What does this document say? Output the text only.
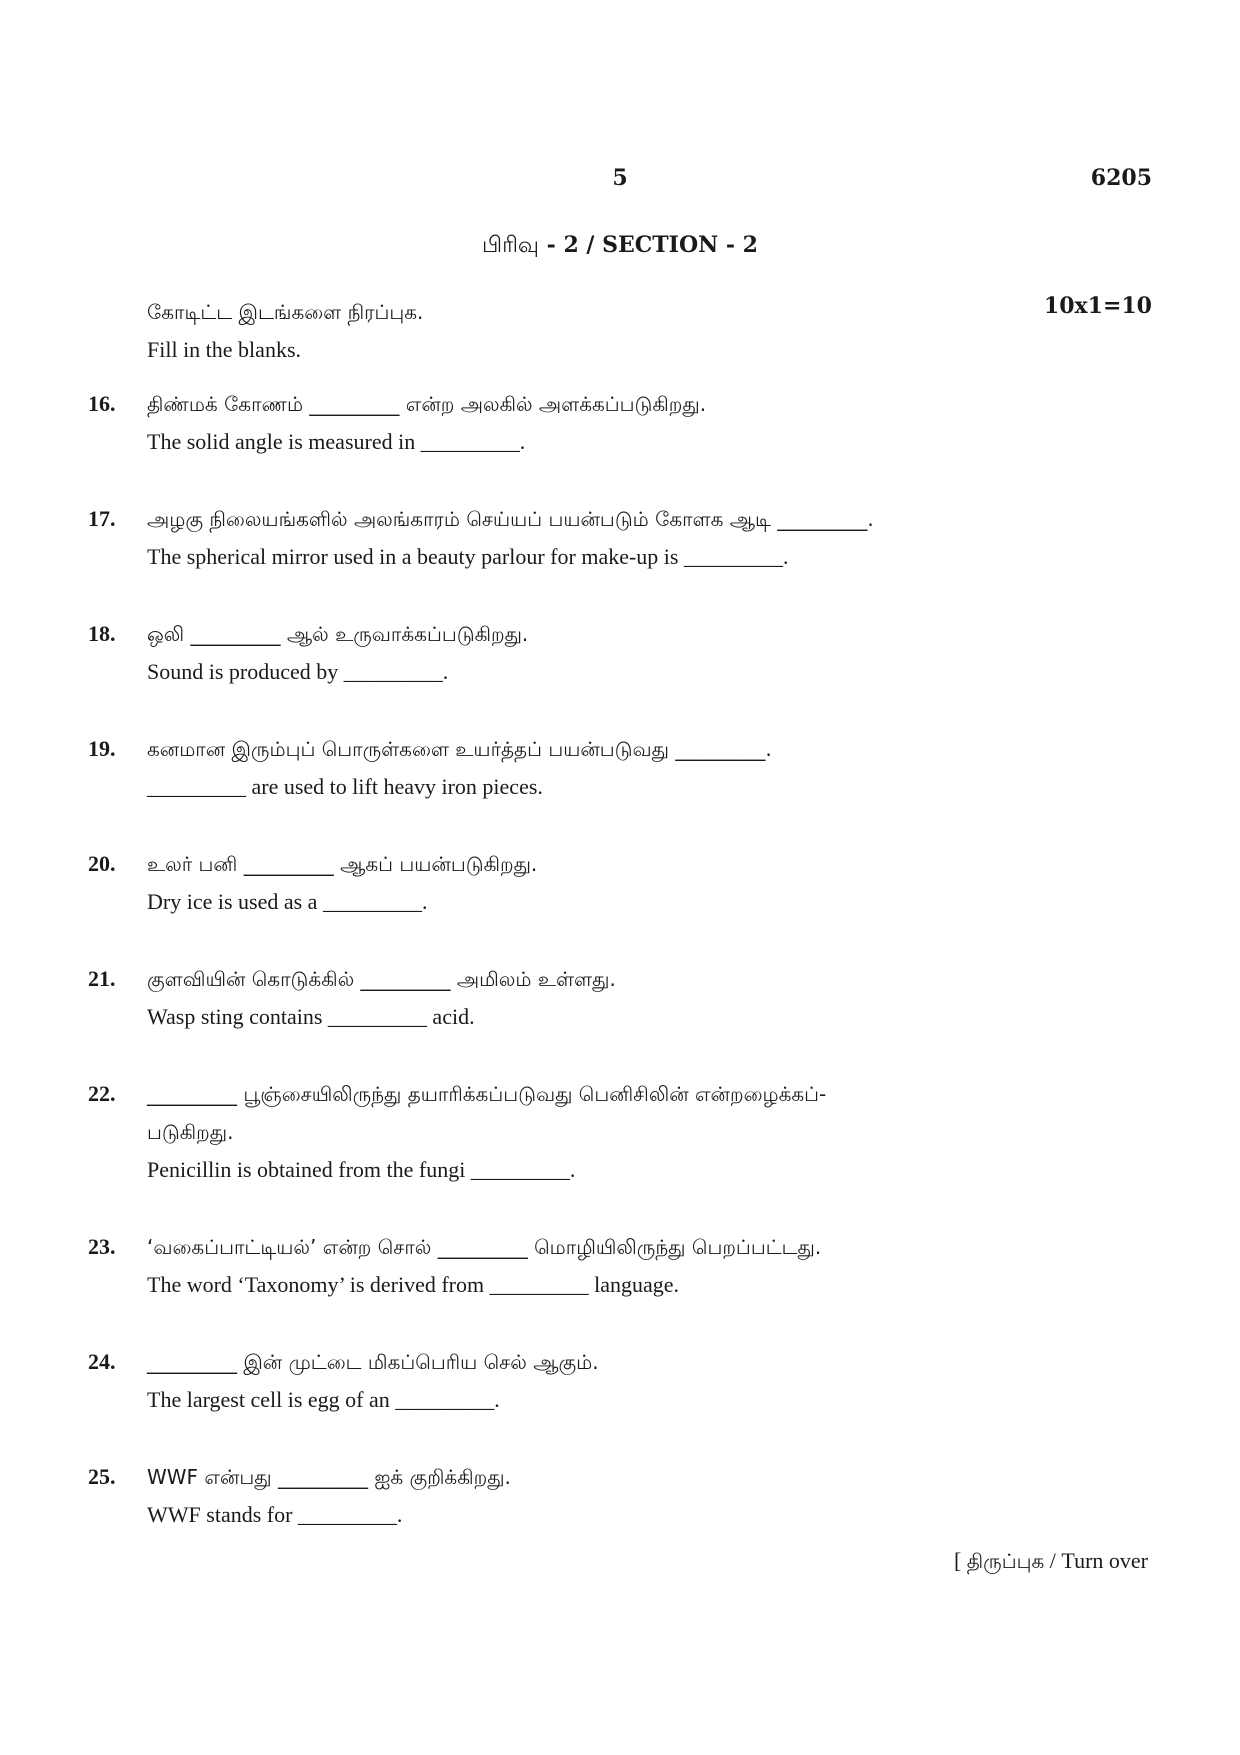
5	6205
பிரிவு - 2 / SECTION - 2
கோடிட்ட இடங்களை நிரப்புக.
Fill in the blanks.
10x1=10
16.	திண்மக் கோணம் _________ என்ற அலகில் அளக்கப்படுகிறது.
The solid angle is measured in _________.
17.	அழகு நிலையங்களில் அலங்காரம் செய்யப் பயன்படும் கோளக ஆடி _________.
The spherical mirror used in a beauty parlour for make-up is _________.
18.	ஒலி _________ ஆல் உருவாக்கப்படுகிறது.
Sound is produced by _________.
19.	கனமான இரும்புப் பொருள்களை உயர்த்தப் பயன்படுவது _________.
_________ are used to lift heavy iron pieces.
20.	உலர் பனி _________ ஆகப் பயன்படுகிறது.
Dry ice is used as a _________.
21.	குளவியின் கொடுக்கில் _________ அமிலம் உள்ளது.
Wasp sting contains _________ acid.
22.	_________ பூஞ்சையிலிருந்து தயாரிக்கப்படுவது பெனிசிலின் என்றழைக்கப்-
படுகிறது.
Penicillin is obtained from the fungi _________.
23.	‘வகைப்பாட்டியல்’ என்ற சொல் _________ மொழியிலிருந்து பெறப்பட்டது.
The word ‘Taxonomy’ is derived from _________ language.
24.	_________ இன் முட்டை மிகப்பெரிய செல் ஆகும்.
The largest cell is egg of an _________.
25.	WWF என்பது _________ ஐக் குறிக்கிறது.
WWF stands for _________.
[ திருப்புக / Turn over
